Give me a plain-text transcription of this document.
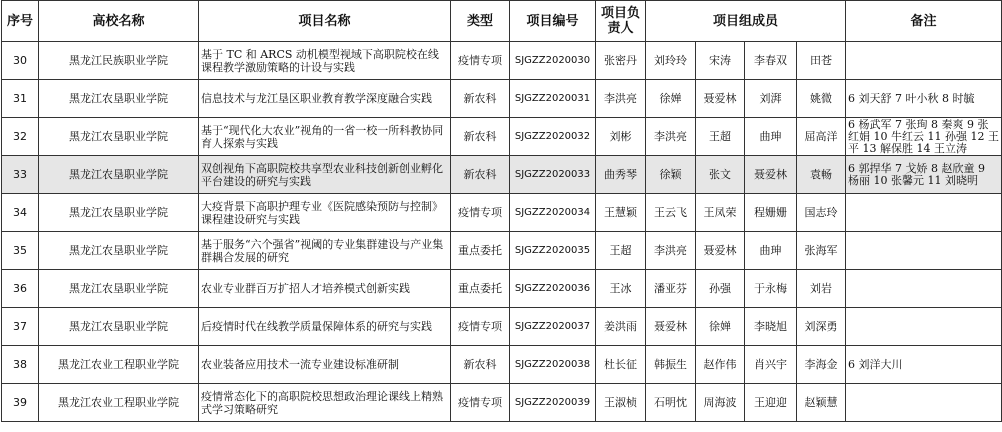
序号	高校名称	项目名称	类型	项目编号	项目负责人	项目组成员				备注
30	黑龙江民族职业学院	基于 TC 和 ARCS 动机模型视域下高职院校在线课程教学激励策略的计设与实践	疫情专项	SJGZZ2020030	张密丹	刘玲玲	宋涛	李春双	田苍	
31	黑龙江农垦职业学院	信息技术与龙江垦区职业教育教学深度融合实践	新农科	SJGZZ2020031	李洪亮	徐婵	聂爱林	刘湃	姚微	6 刘天舒 7 叶小秋 8 时毓
32	黑龙江农垦职业学院	基于“现代化大农业”视角的一省一校一所科教协同育人探索与实践	新农科	SJGZZ2020032	刘彬	李洪亮	王超	曲珅	屈高洋	6 杨武军 7 张珣 8 秦爽 9 张红娟 10 牛红云 11 孙强 12 王平 13 解保胜 14 王立涛

33	黑龙江农垦职业学院	双创视角下高职院校共享型农业科技创新创业孵化平台建设的研究与实践	新农科	SJGZZ2020033	曲秀琴	徐颖	张文	聂爱林	袁畅	6 郭捍华 7 戈娇 8 赵欣童 9 杨丽 10 张馨元 11 刘晓明
34	黑龙江农垦职业学院	大疫背景下高职护理专业《医院感染预防与控制》课程建设研究与实践	疫情专项	SJGZZ2020034	王慧颖	王云飞	王凤荣	程姗姗	国志玲	
35	黑龙江农垦职业学院	基于服务“六个强省”视阈的专业集群建设与产业集群耦合发展的研究	重点委托	SJGZZ2020035	王超	李洪亮	聂爱林	曲珅	张海军	
36	黑龙江农垦职业学院	农业专业群百万扩招人才培养模式创新实践	重点委托	SJGZZ2020036	王冰	潘亚芬	孙强	于永梅	刘岩	
37	黑龙江农垦职业学院	后疫情时代在线教学质量保障体系的研究与实践	疫情专项	SJGZZ2020037	姜洪雨	聂爱林	徐婵	李晓旭	刘深勇	
38	黑龙江农业工程职业学院	农业装备应用技术一流专业建设标准研制	新农科	SJGZZ2020038	杜长征	韩振生	赵作伟	肖兴宇	李海金	6 刘洋大川
39	黑龙江农业工程职业学院	疫情常态化下的高职院校思想政治理论课线上精熟式学习策略研究	疫情专项	SJGZZ2020039	王淑桢	石明忱	周海波	王迎迎	赵颖慧	
